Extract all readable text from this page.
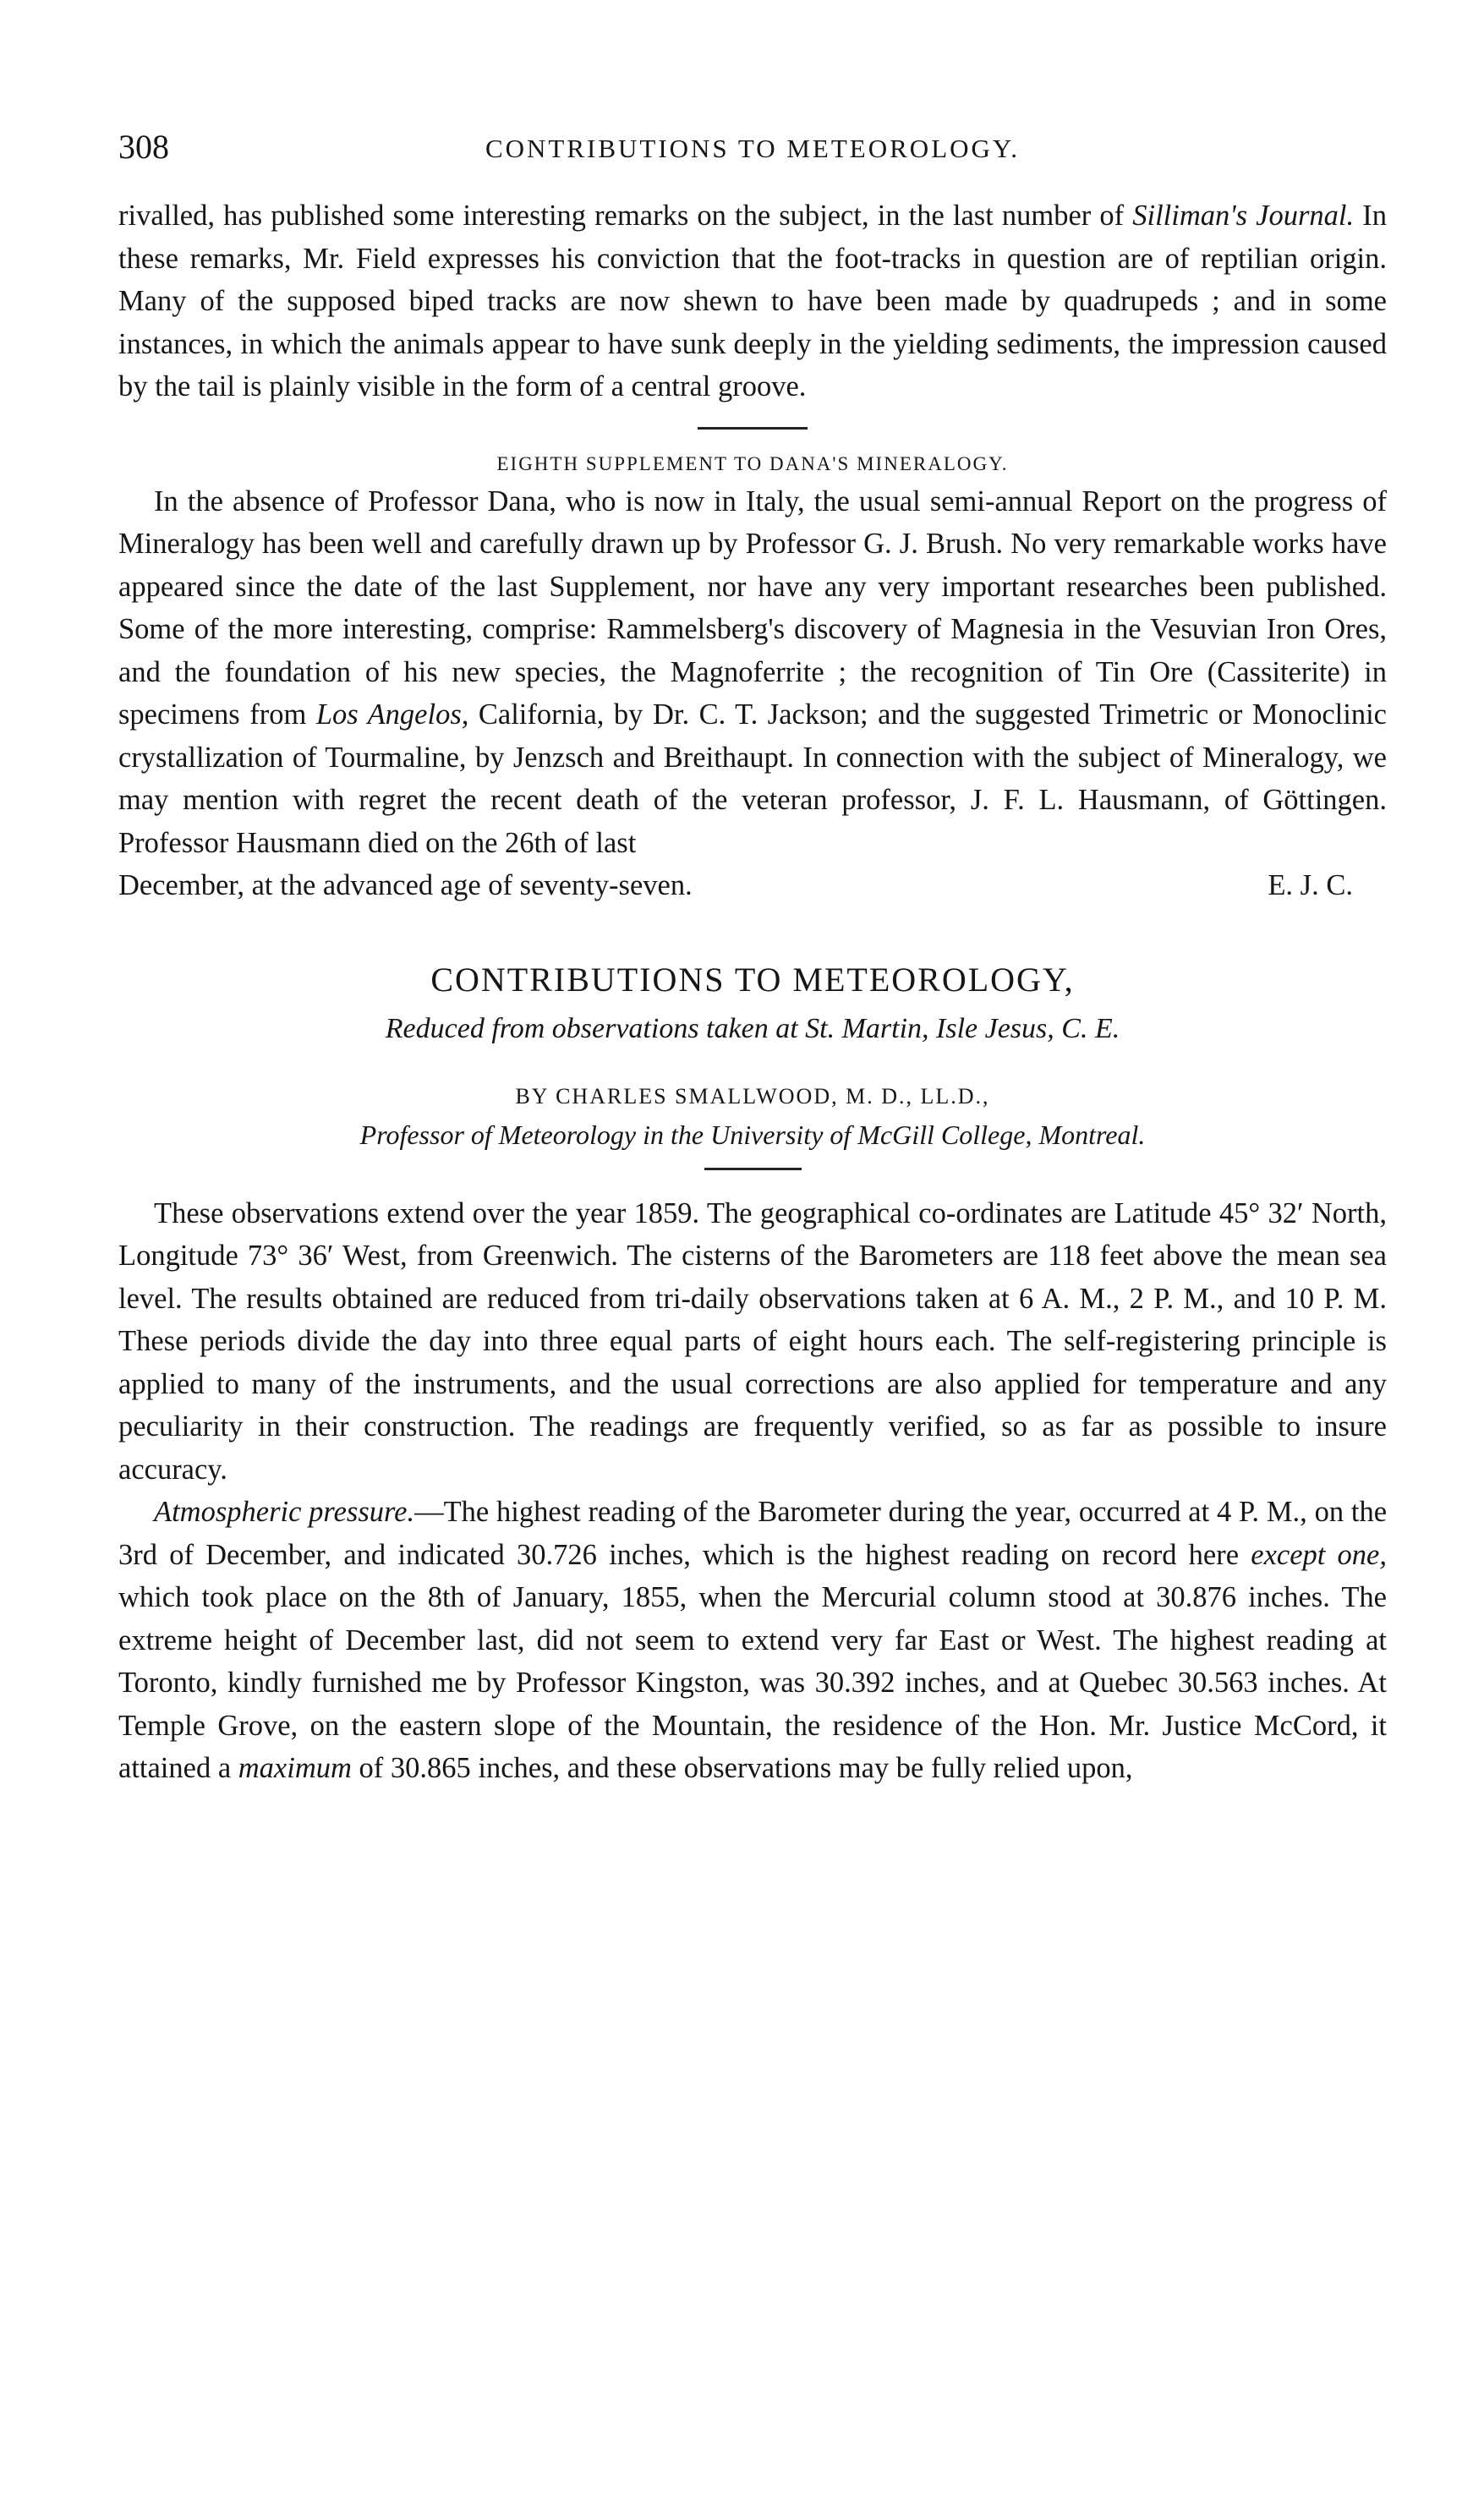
308	CONTRIBUTIONS TO METEOROLOGY.

rivalled, has published some interesting remarks on the subject, in the last number of Silliman's Journal. In these remarks, Mr. Field expresses his conviction that the foot-tracks in question are of reptilian origin. Many of the supposed biped tracks are now shewn to have been made by quadrupeds ; and in some instances, in which the animals appear to have sunk deeply in the yielding sediments, the impression caused by the tail is plainly visible in the form of a central groove.

EIGHTH SUPPLEMENT TO DANA'S MINERALOGY.

In the absence of Professor Dana, who is now in Italy, the usual semi-annual Report on the progress of Mineralogy has been well and carefully drawn up by Professor G. J. Brush. No very remarkable works have appeared since the date of the last Supplement, nor have any very important researches been published. Some of the more interesting, comprise: Rammelsberg's discovery of Magnesia in the Vesuvian Iron Ores, and the foundation of his new species, the Magnoferrite ; the recognition of Tin Ore (Cassiterite) in specimens from Los Angelos, California, by Dr. C. T. Jackson; and the suggested Trimetric or Monoclinic crystallization of Tourmaline, by Jenzsch and Breithaupt. In connection with the subject of Mineralogy, we may mention with regret the recent death of the veteran professor, J. F. L. Hausmann, of Göttingen. Professor Hausmann died on the 26th of last

December, at the advanced age of seventy-seven.	E. J. C.
CONTRIBUTIONS TO METEOROLOGY,
Reduced from observations taken at St. Martin, Isle Jesus, C. E.
BY CHARLES SMALLWOOD, M. D., LL.D.,
Professor of Meteorology in the University of McGill College, Montreal.

These observations extend over the year 1859. The geographical co-ordinates are Latitude 45° 32′ North, Longitude 73° 36′ West, from Greenwich. The cisterns of the Barometers are 118 feet above the mean sea level. The results obtained are reduced from tri-daily observations taken at 6 A. M., 2 P. M., and 10 P. M. These periods divide the day into three equal parts of eight hours each. The self-registering principle is applied to many of the instruments, and the usual corrections are also applied for temperature and any peculiarity in their construction. The readings are frequently verified, so as far as possible to insure accuracy.

Atmospheric pressure.—The highest reading of the Barometer during the year, occurred at 4 P. M., on the 3rd of December, and indicated 30.726 inches, which is the highest reading on record here except one, which took place on the 8th of January, 1855, when the Mercurial column stood at 30.876 inches. The extreme height of December last, did not seem to extend very far East or West. The highest reading at Toronto, kindly furnished me by Professor Kingston, was 30.392 inches, and at Quebec 30.563 inches. At Temple Grove, on the eastern slope of the Mountain, the residence of the Hon. Mr. Justice McCord, it attained a maximum of 30.865 inches, and these observations may be fully relied upon,
